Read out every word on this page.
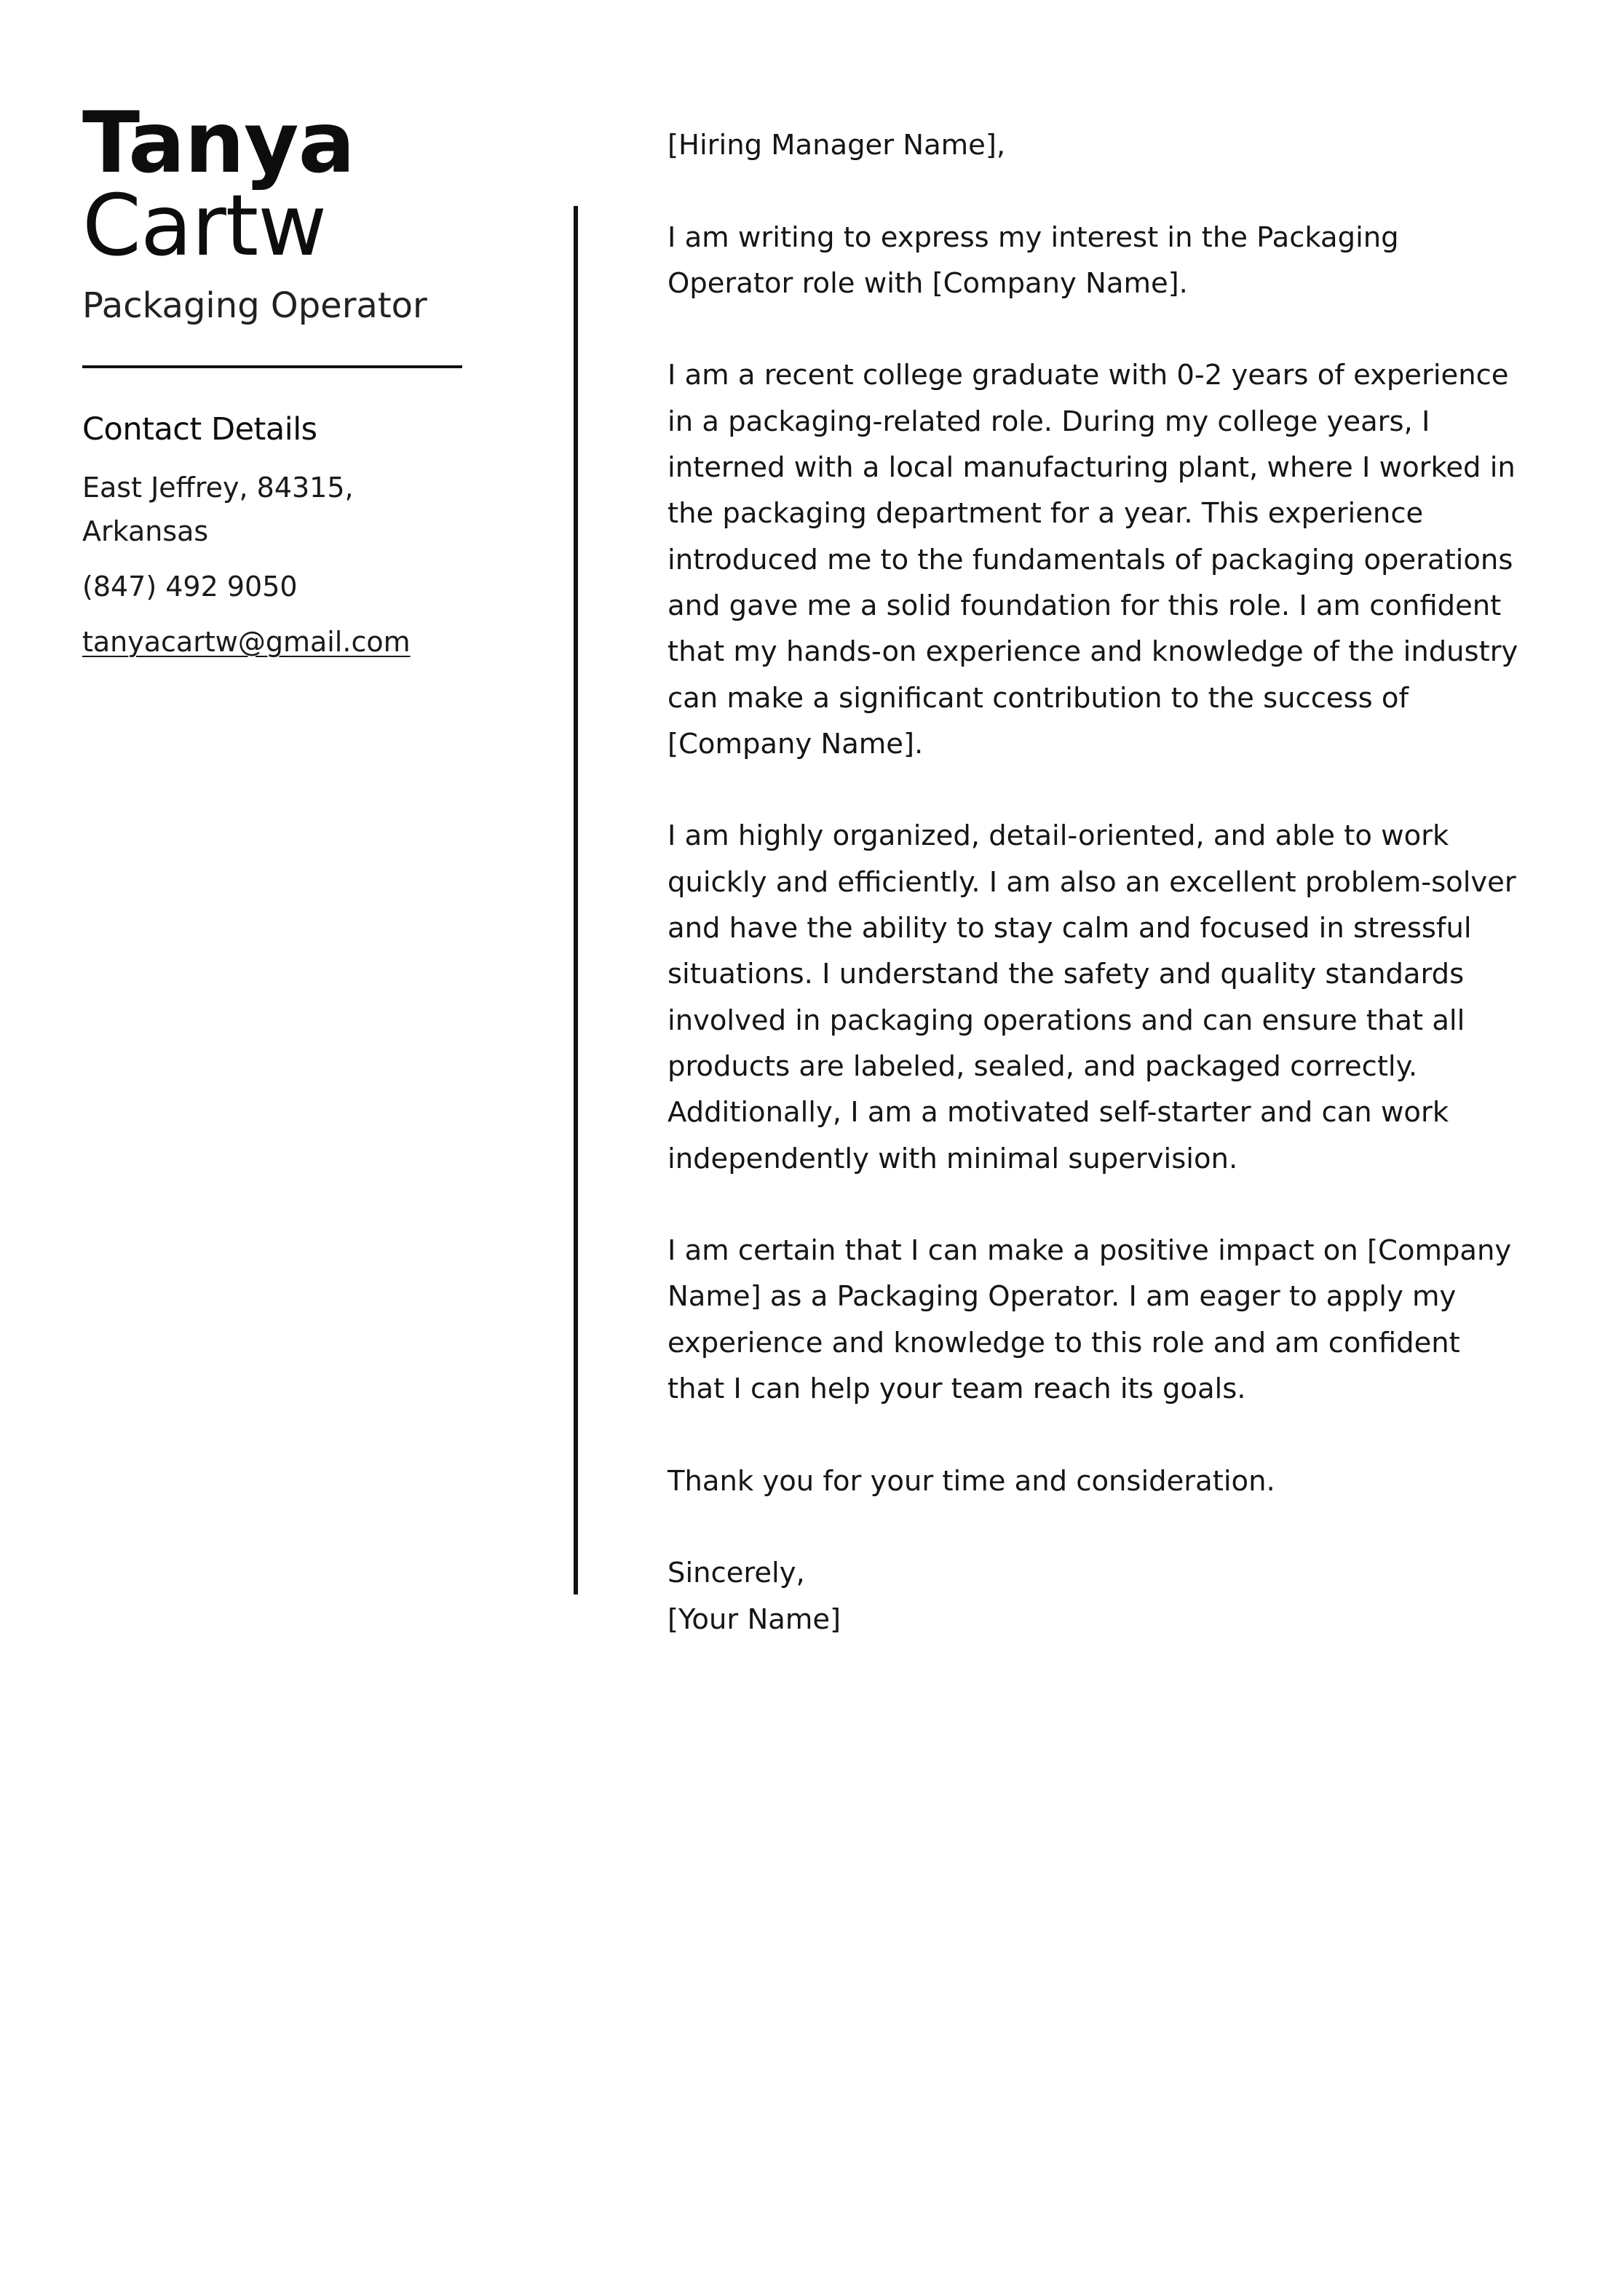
Tanya
Cartw
Packaging Operator
Contact Details
East Jeffrey, 84315,
Arkansas
(847) 492 9050
tanyacartw@gmail.com

[Hiring Manager Name],

I am writing to express my interest in the Packaging Operator role with [Company Name].

I am a recent college graduate with 0-2 years of experience in a packaging-related role. During my college years, I interned with a local manufacturing plant, where I worked in the packaging department for a year. This experience introduced me to the fundamentals of packaging operations and gave me a solid foundation for this role. I am confident that my hands-on experience and knowledge of the industry can make a significant contribution to the success of [Company Name].

I am highly organized, detail-oriented, and able to work quickly and efficiently. I am also an excellent problem-solver and have the ability to stay calm and focused in stressful situations. I understand the safety and quality standards involved in packaging operations and can ensure that all products are labeled, sealed, and packaged correctly. Additionally, I am a motivated self-starter and can work independently with minimal supervision.

I am certain that I can make a positive impact on [Company Name] as a Packaging Operator. I am eager to apply my experience and knowledge to this role and am confident that I can help your team reach its goals.

Thank you for your time and consideration.

Sincerely,
[Your Name]
